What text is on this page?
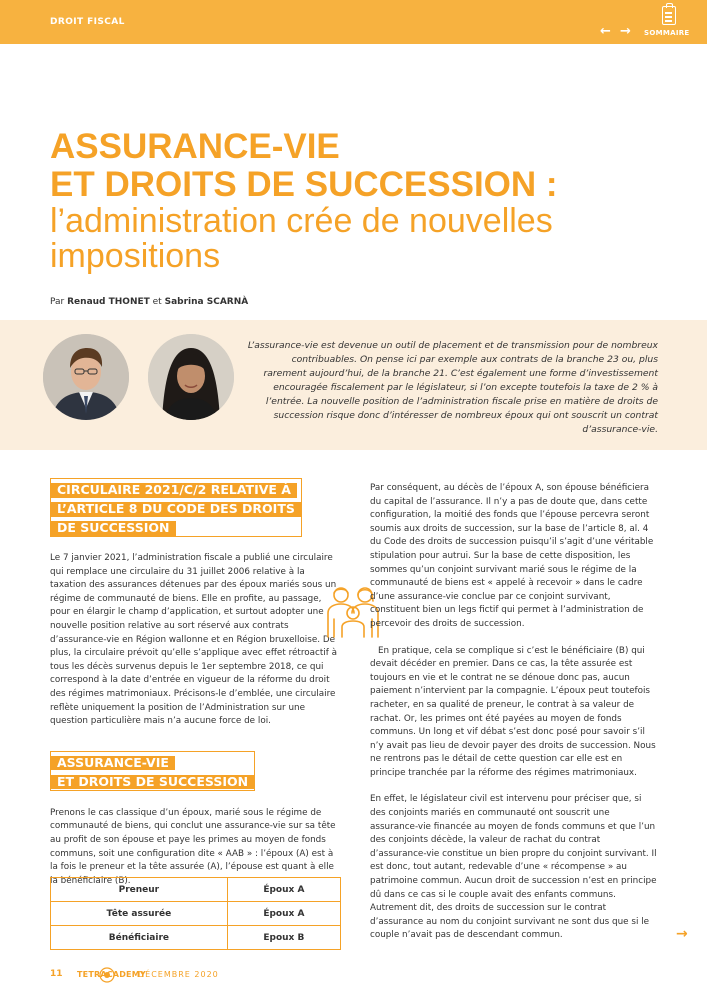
DROIT FISCAL
← → SOMMAIRE
ASSURANCE-VIE
ET DROITS DE SUCCESSION :
l’administration crée de nouvelles
impositions
Par Renaud THONET et Sabrina SCARNÀ
L’assurance-vie est devenue un outil de placement et de transmission pour de nombreux contribuables. On pense ici par exemple aux contrats de la branche 23 ou, plus rarement aujourd’hui, de la branche 21. C’est également une forme d’investissement encouragée fiscalement par le législateur, si l’on excepte toutefois la taxe de 2 % à l’entrée. La nouvelle position de l’administration fiscale prise en matière de droits de succession risque donc d’intéresser de nombreux époux qui ont souscrit un contrat d’assurance-vie.
CIRCULAIRE 2021/C/2 RELATIVE À
L’ARTICLE 8 DU CODE DES DROITS
DE SUCCESSION

Le 7 janvier 2021, l’administration fiscale a publié une circulaire qui remplace une circulaire du 31 juillet 2006 relative à la taxation des assurances détenues par des époux mariés sous un régime de communauté de biens. Elle en profite, au passage, pour en élargir le champ d’application, et surtout adopter une nouvelle position relative au sort réservé aux contrats d’assurance-vie en Région wallonne et en Région bruxelloise. De plus, la circulaire prévoit qu’elle s’applique avec effet rétroactif à tous les décès survenus depuis le 1er septembre 2018, ce qui correspond à la date d’entrée en vigueur de la réforme du droit des régimes matrimoniaux. Précisons-le d’emblée, une circulaire reflète uniquement la position de l’Administration sur une question particulière mais n’a aucune force de loi.

ASSURANCE-VIE
ET DROITS DE SUCCESSION

Prenons le cas classique d’un époux, marié sous le régime de communauté de biens, qui conclut une assurance-vie sur sa tête au profit de son épouse et paye les primes au moyen de fonds communs, soit une configuration dite « AAB » : l’époux (A) est à la fois le preneur et la tête assurée (A), l’épouse est quant à elle la bénéficiaire (B).

Par conséquent, au décès de l’époux A, son épouse bénéficiera du capital de l’assurance. Il n’y a pas de doute que, dans cette configuration, la moitié des fonds que l’épouse percevra seront soumis aux droits de succession, sur la base de l’article 8, al. 4 du Code des droits de succession puisqu’il s’agit d’une véritable stipulation pour autrui. Sur la base de cette disposition, les sommes qu’un conjoint survivant marié sous le régime de la communauté de biens est « appelé à recevoir » dans le cadre d’une assurance-vie conclue par ce conjoint survivant, constituent bien un legs fictif qui permet à l’administration de percevoir des droits de succession.

En pratique, cela se complique si c’est le bénéficiaire (B) qui devait décéder en premier. Dans ce cas, la tête assurée est toujours en vie et le contrat ne se dénoue donc pas, aucun paiement n’intervient par la compagnie. L’époux peut toutefois racheter, en sa qualité de preneur, le contrat à sa valeur de rachat. Or, les primes ont été payées au moyen de fonds communs. Un long et vif débat s’est donc posé pour savoir s’il n’y avait pas lieu de devoir payer des droits de succession. Nous ne rentrons pas le détail de cette question car elle est en principe tranchée par la réforme des régimes matrimoniaux.

En effet, le législateur civil est intervenu pour préciser que, si des conjoints mariés en communauté ont souscrit une assurance-vie financée au moyen de fonds communs et que l’un des conjoints décède, la valeur de rachat du contrat d’assurance-vie constitue un bien propre du conjoint survivant. Il est donc, tout autant, redevable d’une « récompense » au patrimoine commun. Aucun droit de succession n’est en principe dû dans ce cas si le couple avait des enfants communs. Autrement dit, des droits de succession sur le contrat d’assurance au nom du conjoint survivant ne sont dus que si le couple n’avait pas de descendant commun.

Preneur	Époux A
Tête assurée	Époux A
Bénéficiaire	Epoux B
11 TETRACADEMY
DÉCEMBRE 2020
→
